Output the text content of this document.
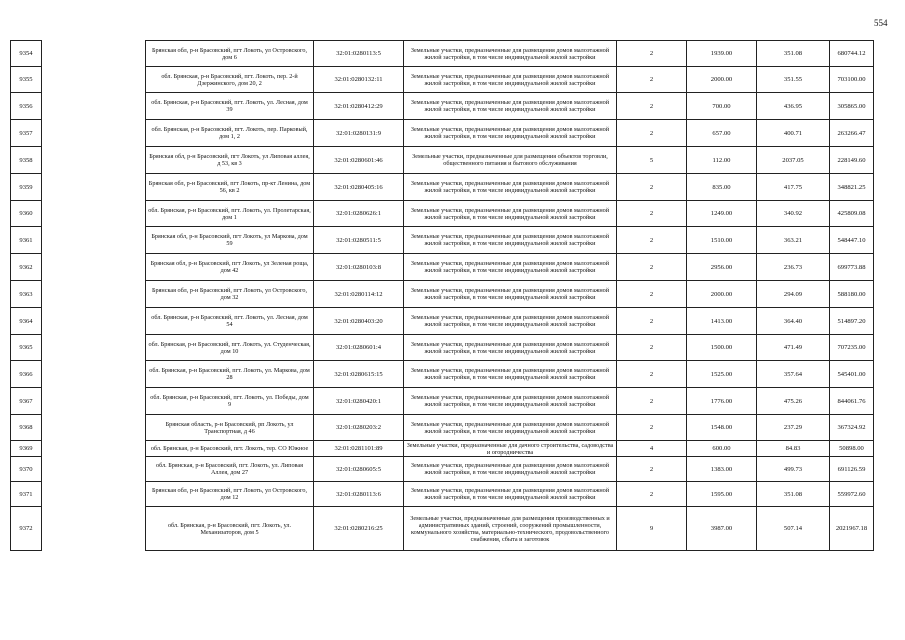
554
9354		Брянская обл, р-н Брасовский, пгт Локоть, ул Островского, дом 6	32:01:0280113:5	Земельные участки, предназначенные для размещения домов малоэтажной жилой застройки, в том числе индивидуальной жилой застройки	2	1939.00	351.08	680744.12
9355		обл. Брянская, р-н Брасовский, пгт. Локоть, пер. 2-й Дзержинского, дом 20, 2	32:01:0280132:11	Земельные участки, предназначенные для размещения домов малоэтажной жилой застройки, в том числе индивидуальной жилой застройки	2	2000.00	351.55	703100.00
9356		обл. Брянская, р-н Брасовский, пгт. Локоть, ул. Лесная, дом 39	32:01:0280412:29	Земельные участки, предназначенные для размещения домов малоэтажной жилой застройки, в том числе индивидуальной жилой застройки	2	700.00	436.95	305865.00
9357		обл. Брянская, р-н Брасовский, пгт. Локоть, пер. Парковый, дом 1, 2	32:01:0280131:9	Земельные участки, предназначенные для размещения домов малоэтажной жилой застройки, в том числе индивидуальной жилой застройки	2	657.00	400.71	263266.47
9358		Брянская обл, р-н Брасовский, пгт Локоть, ул Липовая аллея, д 53, кв 3	32:01:0280601:46	Земельные участки, предназначенные для размещения объектов торговли, общественного питания и бытового обслуживания	5	112.00	2037.05	228149.60
9359		Брянская обл, р-н Брасовский, пгт Локоть, пр-кт Ленина, дом 56, кв 2	32:01:0280405:16	Земельные участки, предназначенные для размещения домов малоэтажной жилой застройки, в том числе индивидуальной жилой застройки	2	835.00	417.75	348821.25
9360		обл. Брянская, р-н Брасовский, пгт. Локоть, ул. Пролетарская, дом 1	32:01:0280626:1	Земельные участки, предназначенные для размещения домов малоэтажной жилой застройки, в том числе индивидуальной жилой застройки	2	1249.00	340.92	425809.08
9361		Брянская обл, р-н Брасовский, пгт Локоть, ул Маркова, дом 59	32:01:0280511:5	Земельные участки, предназначенные для размещения домов малоэтажной жилой застройки, в том числе индивидуальной жилой застройки	2	1510.00	363.21	548447.10
9362		Брянская обл, р-н Брасовский, пгт Локоть, ул Зеленая роща, дом 42	32:01:0280103:8	Земельные участки, предназначенные для размещения домов малоэтажной жилой застройки, в том числе индивидуальной жилой застройки	2	2956.00	236.73	699773.88
9363		Брянская обл, р-н Брасовский, пгт Локоть, ул Островского, дом 32	32:01:0280114:12	Земельные участки, предназначенные для размещения домов малоэтажной жилой застройки, в том числе индивидуальной жилой застройки	2	2000.00	294.09	588180.00
9364		обл. Брянская, р-н Брасовский, пгт. Локоть, ул. Лесная, дом 54	32:01:0280403:20	Земельные участки, предназначенные для размещения домов малоэтажной жилой застройки, в том числе индивидуальной жилой застройки	2	1413.00	364.40	514897.20
9365		обл. Брянская, р-н Брасовский, пгт. Локоть, ул. Студенческая, дом 10	32:01:0280601:4	Земельные участки, предназначенные для размещения домов малоэтажной жилой застройки, в том числе индивидуальной жилой застройки	2	1500.00	471.49	707235.00
9366		обл. Брянская, р-н Брасовский, пгт. Локоть, ул. Маркова, дом 28	32:01:0280615:15	Земельные участки, предназначенные для размещения домов малоэтажной жилой застройки, в том числе индивидуальной жилой застройки	2	1525.00	357.64	545401.00
9367		обл. Брянская, р-н Брасовский, пгт. Локоть, ул. Победы, дом 9	32:01:0280420:1	Земельные участки, предназначенные для размещения домов малоэтажной жилой застройки, в том числе индивидуальной жилой застройки	2	1776.00	475.26	844061.76
9368		Брянская область, р-н Брасовский, рп Локоть, ул Транспортная, д 46	32:01:0280203:2	Земельные участки, предназначенные для размещения домов малоэтажной жилой застройки, в том числе индивидуальной жилой застройки	2	1548.00	237.29	367324.92
9369		обл. Брянская, р-н Брасовский, пгт. Локоть, тер. СО Южное	32:01:0281101:89	Земельные участки, предназначенные для дачного строительства, садоводства и огородничества	4	600.00	84.83	50898.00
9370		обл. Брянская, р-н Брасовский, пгт. Локоть, ул. Липовая Аллея, дом 27	32:01:0280605:5	Земельные участки, предназначенные для размещения домов малоэтажной жилой застройки, в том числе индивидуальной жилой застройки	2	1383.00	499.73	691126.59
9371		Брянская обл, р-н Брасовский, пгт Локоть, ул Островского, дом 12	32:01:0280113:6	Земельные участки, предназначенные для размещения домов малоэтажной жилой застройки, в том числе индивидуальной жилой застройки	2	1595.00	351.08	559972.60
9372		обл. Брянская, р-н Брасовский, пгт. Локоть, ул. Механизаторов, дом 5	32:01:0280216:25	Земельные участки, предназначенные для размещения производственных и административных зданий, строений, сооружений промышленности, коммунального хозяйства, материально-технического, продовольственного снабжения, сбыта и заготовок	9	3987.00	507.14	2021967.18
